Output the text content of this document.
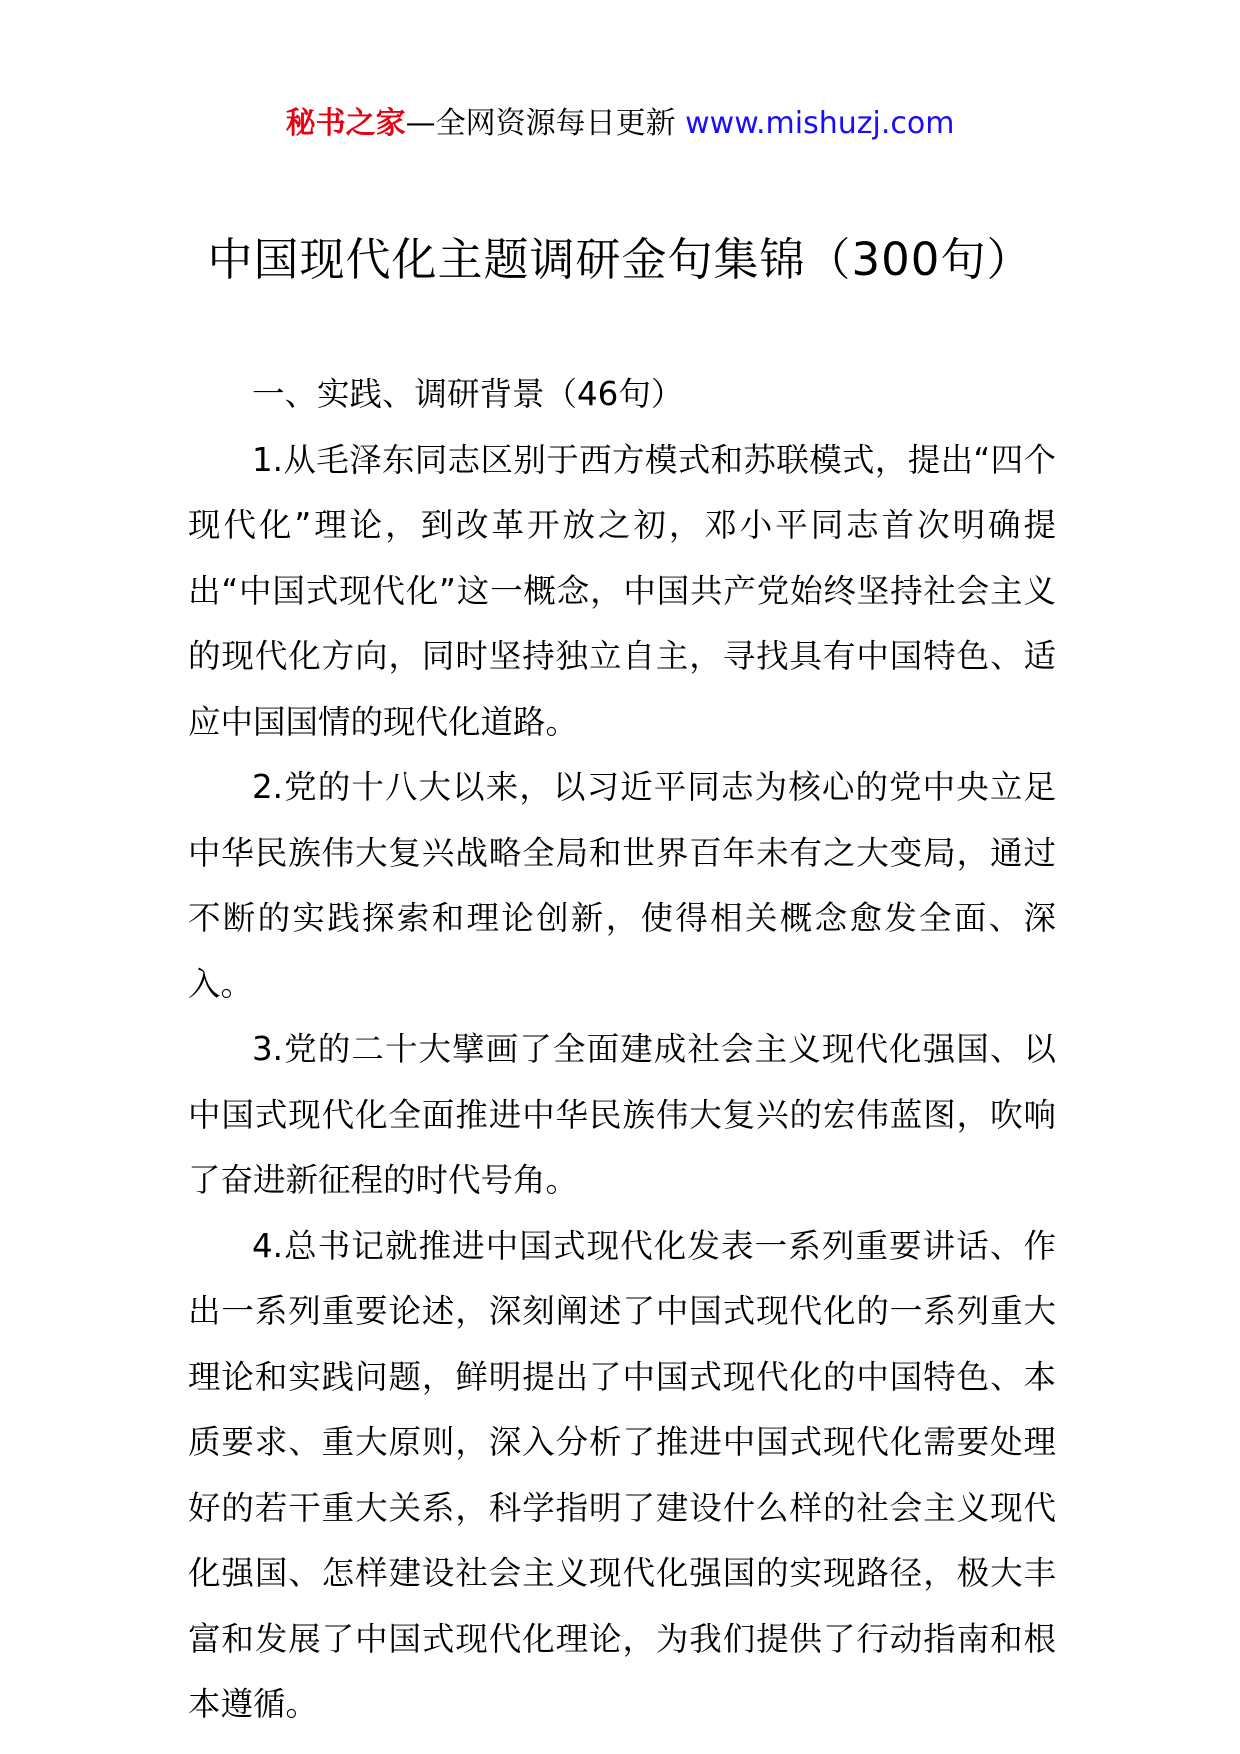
秘书之家—全网资源每日更新 www.mishuzj.com
中国现代化主题调研金句集锦（300句）

一、实践、调研背景（46句）

1.从毛泽东同志区别于西方模式和苏联模式，提出“四个现代化”理论，到改革开放之初，邓小平同志首次明确提出“中国式现代化”这一概念，中国共产党始终坚持社会主义的现代化方向，同时坚持独立自主，寻找具有中国特色、适应中国国情的现代化道路。

2.党的十八大以来，以习近平同志为核心的党中央立足中华民族伟大复兴战略全局和世界百年未有之大变局，通过不断的实践探索和理论创新，使得相关概念愈发全面、深入。

3.党的二十大擘画了全面建成社会主义现代化强国、以中国式现代化全面推进中华民族伟大复兴的宏伟蓝图，吹响了奋进新征程的时代号角。

4.总书记就推进中国式现代化发表一系列重要讲话、作出一系列重要论述，深刻阐述了中国式现代化的一系列重大理论和实践问题，鲜明提出了中国式现代化的中国特色、本质要求、重大原则，深入分析了推进中国式现代化需要处理好的若干重大关系，科学指明了建设什么样的社会主义现代化强国、怎样建设社会主义现代化强国的实现路径，极大丰富和发展了中国式现代化理论，为我们提供了行动指南和根本遵循。
